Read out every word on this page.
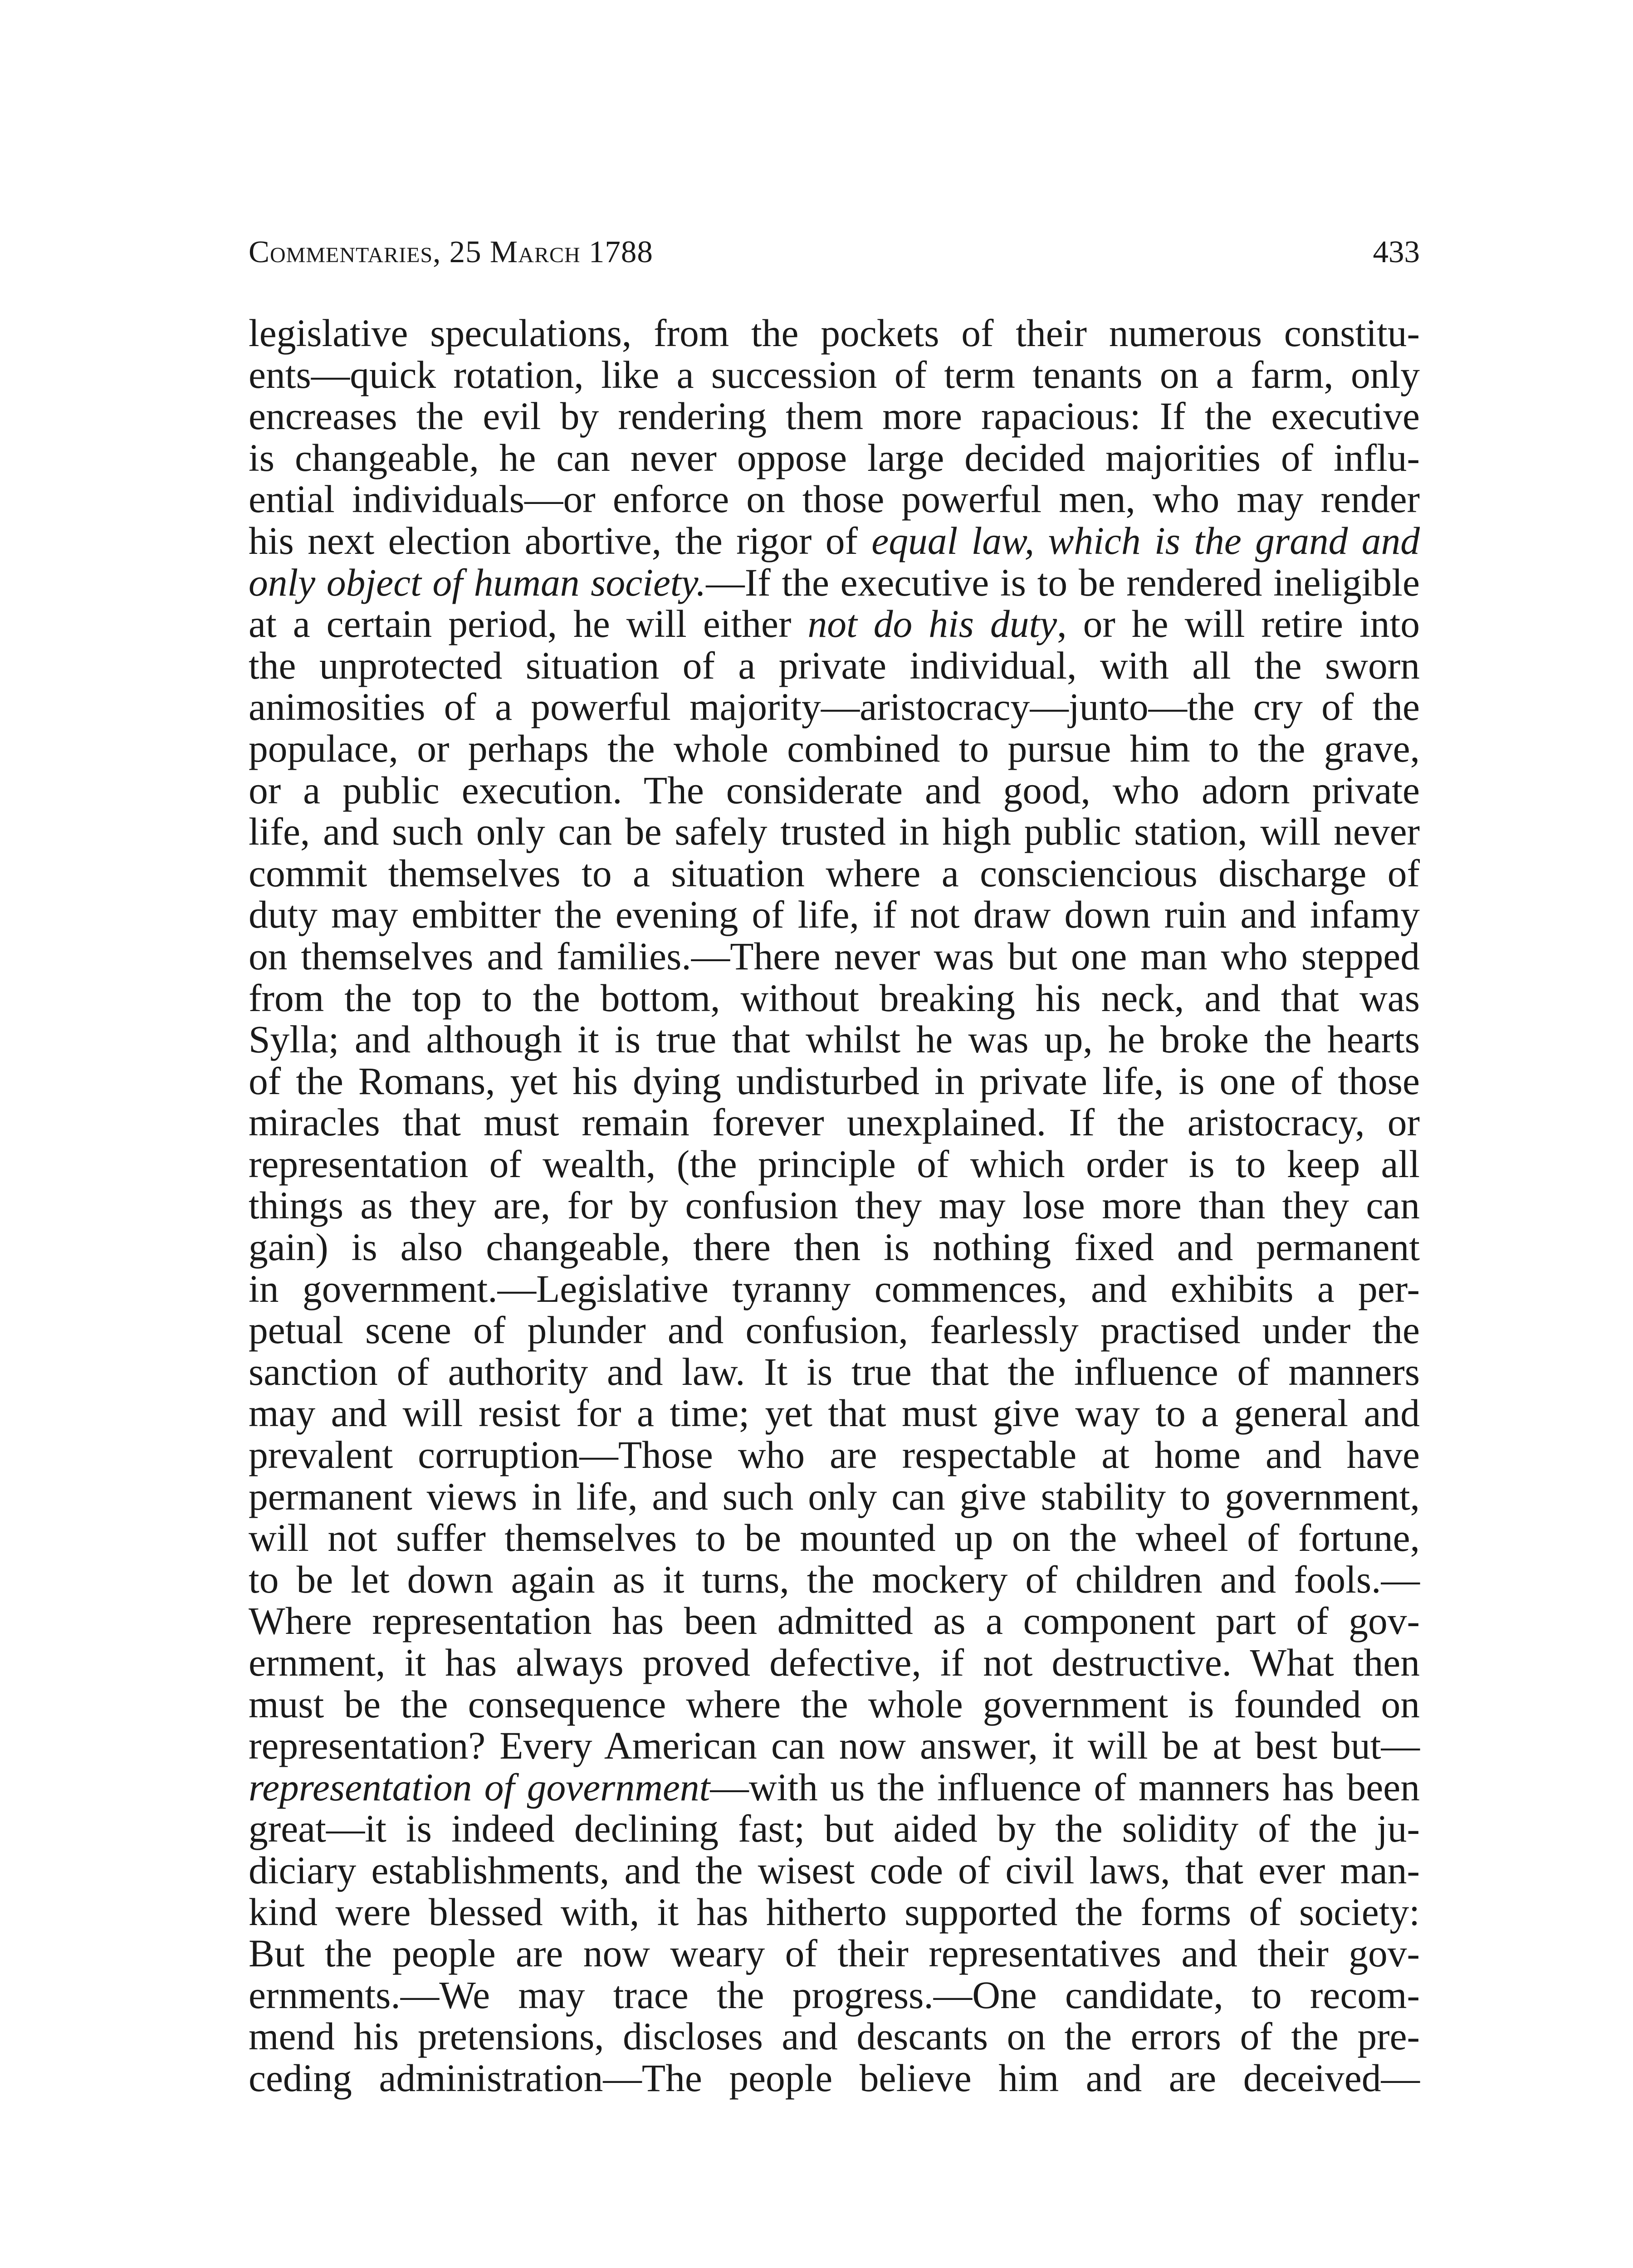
Commentaries, 25 March 1788	433
legislative speculations, from the pockets of their numerous constitu-
ents—quick rotation, like a succession of term tenants on a farm, only
encreases the evil by rendering them more rapacious: If the executive
is changeable, he can never oppose large decided majorities of influ-
ential individuals—or enforce on those powerful men, who may render
his next election abortive, the rigor of equal law, which is the grand and
only object of human society.—If the executive is to be rendered ineligible
at a certain period, he will either not do his duty, or he will retire into
the unprotected situation of a private individual, with all the sworn
animosities of a powerful majority—aristocracy—junto—the cry of the
populace, or perhaps the whole combined to pursue him to the grave,
or a public execution. The considerate and good, who adorn private
life, and such only can be safely trusted in high public station, will never
commit themselves to a situation where a consciencious discharge of
duty may embitter the evening of life, if not draw down ruin and infamy
on themselves and families.—There never was but one man who stepped
from the top to the bottom, without breaking his neck, and that was
Sylla; and although it is true that whilst he was up, he broke the hearts
of the Romans, yet his dying undisturbed in private life, is one of those
miracles that must remain forever unexplained. If the aristocracy, or
representation of wealth, (the principle of which order is to keep all
things as they are, for by confusion they may lose more than they can
gain) is also changeable, there then is nothing fixed and permanent
in government.—Legislative tyranny commences, and exhibits a per-
petual scene of plunder and confusion, fearlessly practised under the
sanction of authority and law. It is true that the influence of manners
may and will resist for a time; yet that must give way to a general and
prevalent corruption—Those who are respectable at home and have
permanent views in life, and such only can give stability to government,
will not suffer themselves to be mounted up on the wheel of fortune,
to be let down again as it turns, the mockery of children and fools.—
Where representation has been admitted as a component part of gov-
ernment, it has always proved defective, if not destructive. What then
must be the consequence where the whole government is founded on
representation? Every American can now answer, it will be at best but—
representation of government—with us the influence of manners has been
great—it is indeed declining fast; but aided by the solidity of the ju-
diciary establishments, and the wisest code of civil laws, that ever man-
kind were blessed with, it has hitherto supported the forms of society:
But the people are now weary of their representatives and their gov-
ernments.—We may trace the progress.—One candidate, to recom-
mend his pretensions, discloses and descants on the errors of the pre-
ceding administration—The people believe him and are deceived—
